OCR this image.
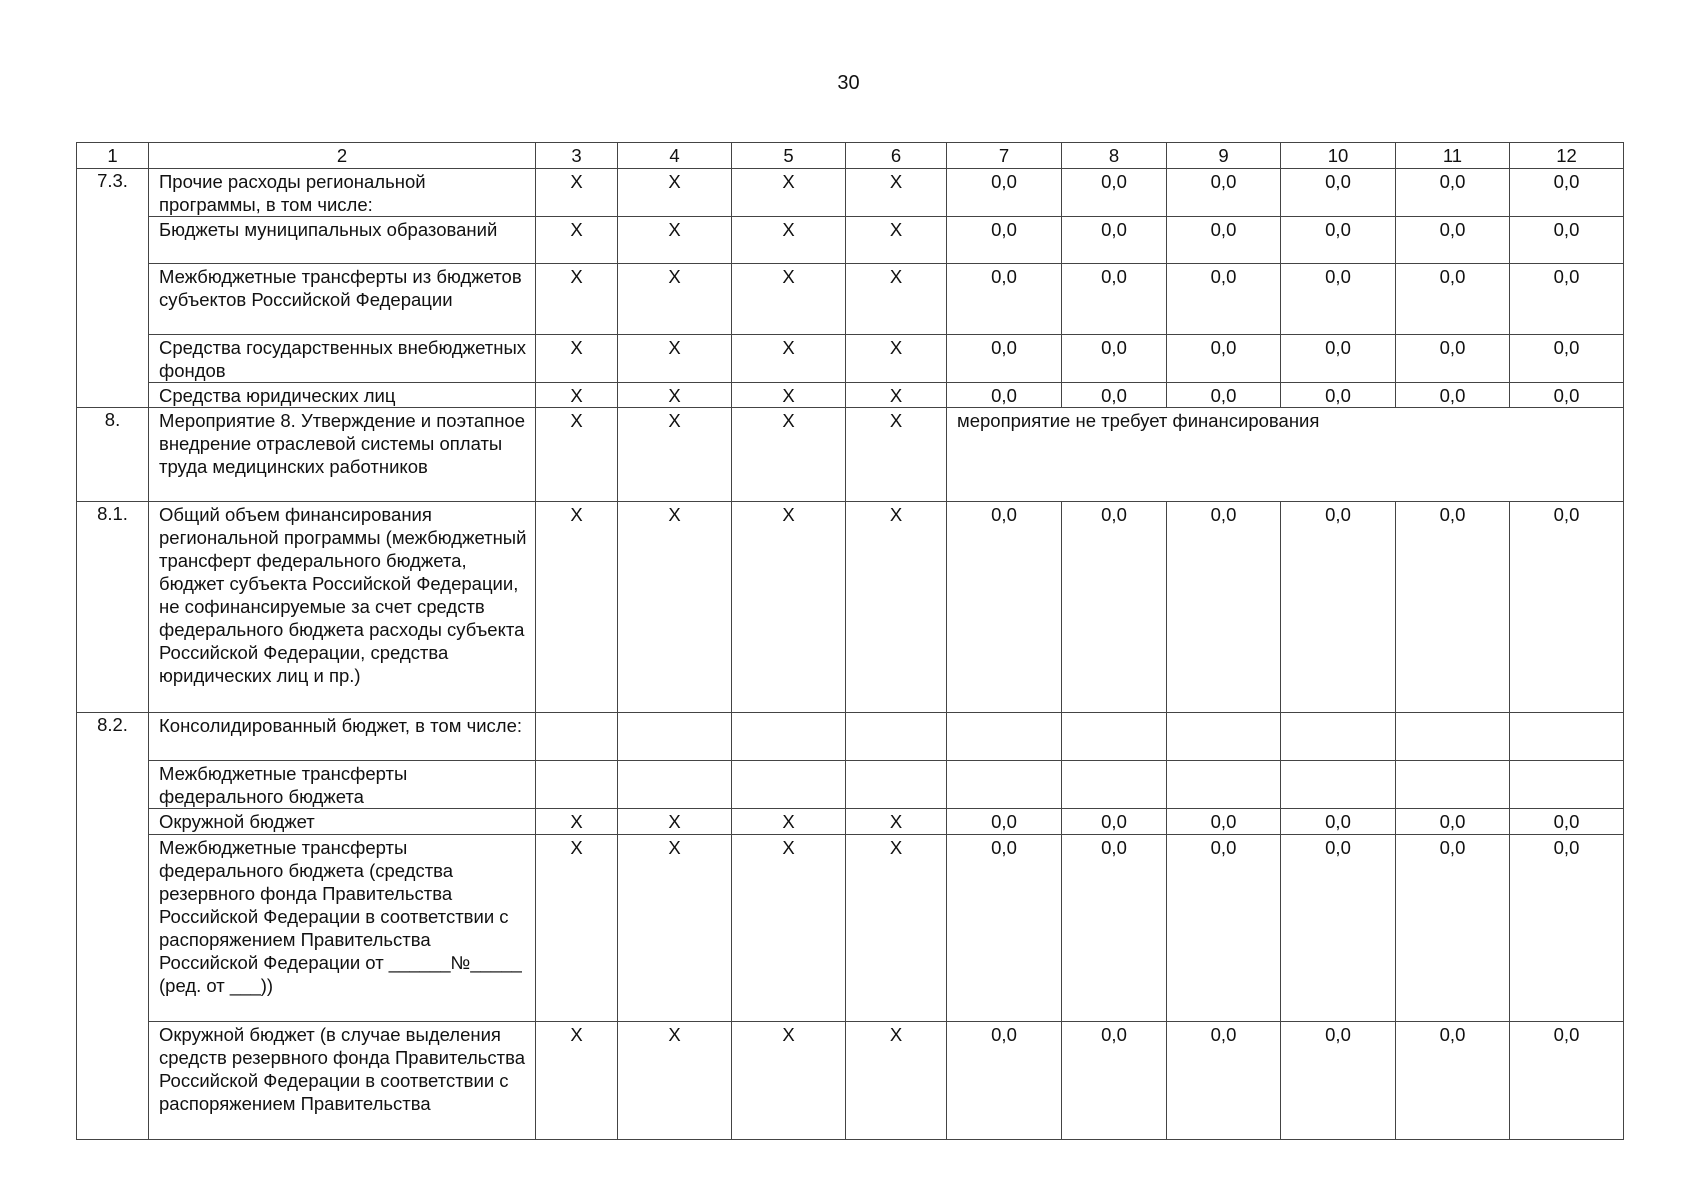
30
1	2	3	4	5	6	7	8	9	10	11	12
7.3.	Прочие расходы региональной программы, в том числе:	Х	Х	Х	Х	0,0	0,0	0,0	0,0	0,0	0,0
	Бюджеты муниципальных образований	Х	Х	Х	Х	0,0	0,0	0,0	0,0	0,0	0,0
	Межбюджетные трансферты из бюджетов субъектов Российской Федерации	Х	Х	Х	Х	0,0	0,0	0,0	0,0	0,0	0,0
	Средства государственных внебюджетных фондов	Х	Х	Х	Х	0,0	0,0	0,0	0,0	0,0	0,0
	Средства юридических лиц	Х	Х	Х	Х	0,0	0,0	0,0	0,0	0,0	0,0
8.	Мероприятие 8. Утверждение и поэтапное внедрение отраслевой системы оплаты труда медицинских работников	Х	Х	Х	Х	мероприятие не требует финансирования					
8.1.	Общий объем финансирования региональной программы (межбюджетный трансферт федерального бюджета, бюджет субъекта Российской Федерации, не софинансируемые за счет средств федерального бюджета расходы субъекта Российской Федерации, средства юридических лиц и пр.)	Х	Х	Х	Х	0,0	0,0	0,0	0,0	0,0	0,0
8.2.	Консолидированный бюджет, в том числе:										
	Межбюджетные трансферты федерального бюджета										
	Окружной бюджет	Х	Х	Х	Х	0,0	0,0	0,0	0,0	0,0	0,0
	Межбюджетные трансферты федерального бюджета (средства резервного фонда Правительства Российской Федерации в соответствии с распоряжением Правительства Российской Федерации от ______№_____ (ред. от ___))	Х	Х	Х	Х	0,0	0,0	0,0	0,0	0,0	0,0
	Окружной бюджет (в случае выделения средств резервного фонда Правительства Российской Федерации в соответствии с распоряжением Правительства	Х	Х	Х	Х	0,0	0,0	0,0	0,0	0,0	0,0
